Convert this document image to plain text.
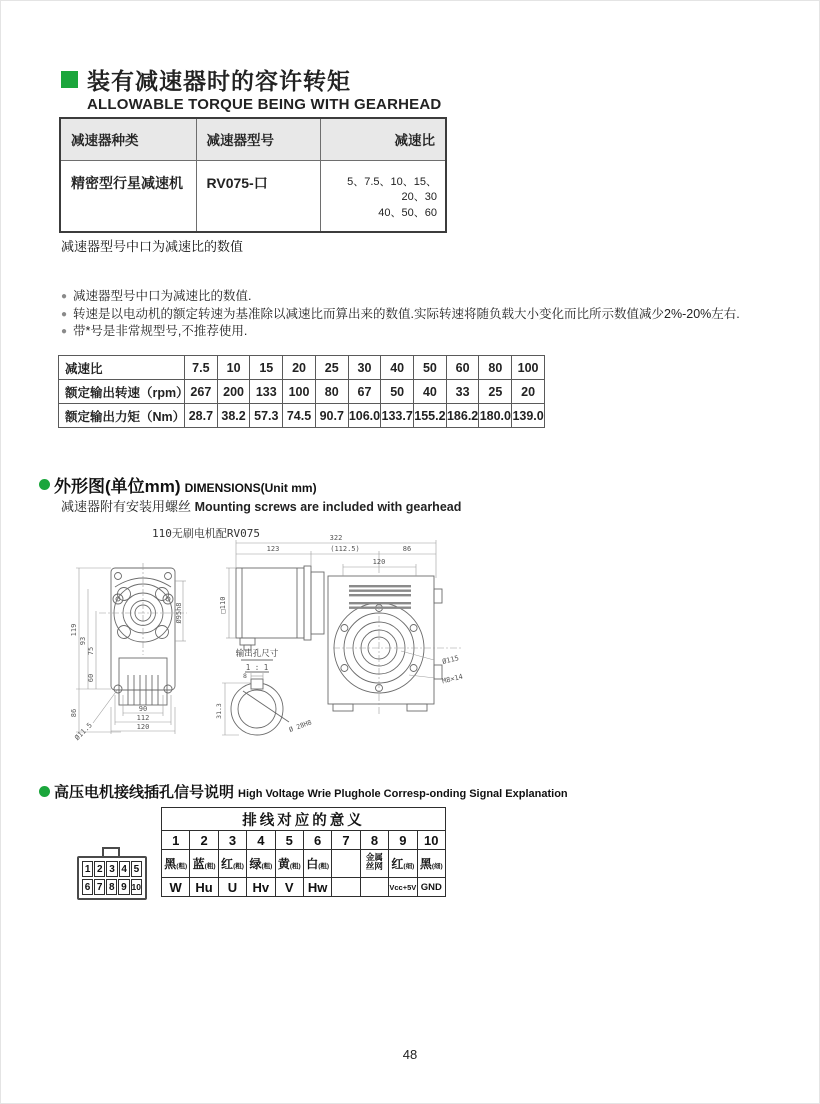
装有减速器时的容许转矩
ALLOWABLE TORQUE BEING WITH GEARHEAD
减速器种类	减速器型号	减速比
精密型行星减速机	RV075-口	5、7.5、10、15、20、30
40、50、60
减速器型号中口为减速比的数值
● 减速器型号中口为减速比的数值.
● 转速是以电动机的额定转速为基准除以减速比而算出来的数值.实际转速将随负载大小变化而比所示数值减少2%-20%左右.
● 带*号是非常规型号,不推荐使用.
减速比	7.5	10	15	20	25	30	40	50	60	80	100
额定输出转速（rpm）	267	200	133	100	80	67	50	40	33	25	20
额定输出力矩（Nm）	28.7	38.2	57.3	74.5	90.7	106.0	133.7	155.2	186.2	180.0	139.0
外形图(单位mm) DIMENSIONS(Unit mm)
减速器附有安装用螺丝 Mounting screws are included with gearhead
110无刷电机配RV075	322
123	(112.5)	86
120
□110
Ø115
M8×14
119
93
75
60
86	90
112
120
Ø95h8
Ø11.5
1 : 1
8
31.3
Ø 28H8
输出孔尺寸
高压电机接线插孔信号说明 High Voltage Wrie Plughole Corresp-onding Signal Explanation
1 2 3 4 5
6 7 8 9 10
排线对应的意义									
1	2	3	4	5	6	7	8	9	10
黑(粗)	蓝(粗)	红(粗)	绿(粗)	黄(粗)	白(粗)		金属丝网	红(细)	黑(细)
W	Hu	U	Hv	V	Hw			Vcc+5V	GND
48
